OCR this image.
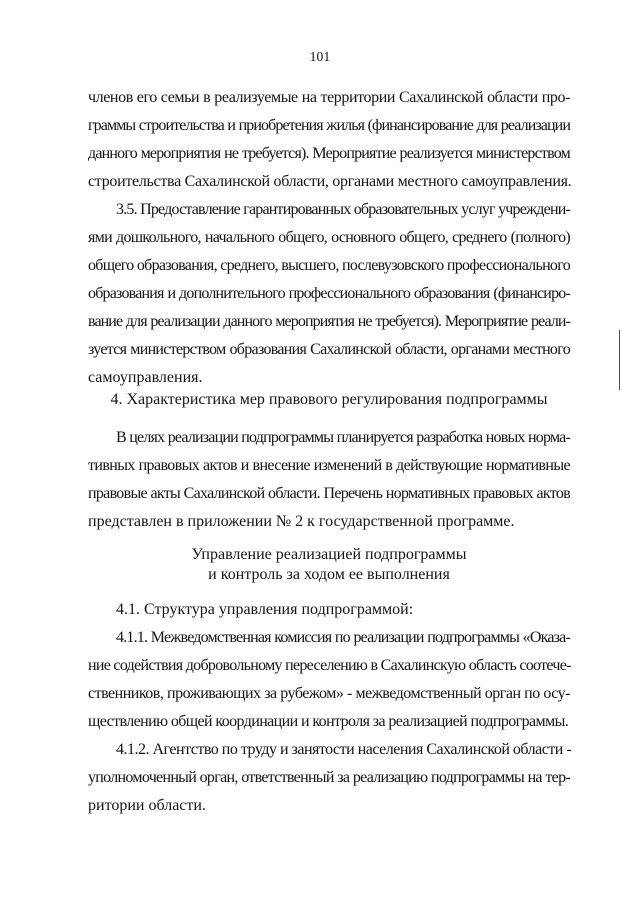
101
членов его семьи в реализуемые на территории Сахалинской области про-
граммы строительства и приобретения жилья (финансирование для реализации
данного мероприятия не требуется). Мероприятие реализуется министерством
строительства Сахалинской области, органами местного самоуправления.
3.5. Предоставление гарантированных образовательных услуг учреждени-
ями дошкольного, начального общего, основного общего, среднего (полного)
общего образования, среднего, высшего, послевузовского профессионального
образования и дополнительного профессионального образования (финансиро-
вание для реализации данного мероприятия не требуется). Мероприятие реали-
зуется министерством образования Сахалинской области, органами местного
самоуправления.
4. Характеристика мер правового регулирования подпрограммы
В целях реализации подпрограммы планируется разработка новых норма-
тивных правовых актов и внесение изменений в действующие нормативные
правовые акты Сахалинской области. Перечень нормативных правовых актов
представлен в приложении № 2 к государственной программе.
Управление реализацией подпрограммы
и контроль за ходом ее выполнения
4.1. Структура управления подпрограммой:
4.1.1. Межведомственная комиссия по реализации подпрограммы «Оказа-
ние содействия добровольному переселению в Сахалинскую область соотече-
ственников, проживающих за рубежом» - межведомственный орган по осу-
ществлению общей координации и контроля за реализацией подпрограммы.
4.1.2. Агентство по труду и занятости населения Сахалинской области -
уполномоченный орган, ответственный за реализацию подпрограммы на тер-
ритории области.
